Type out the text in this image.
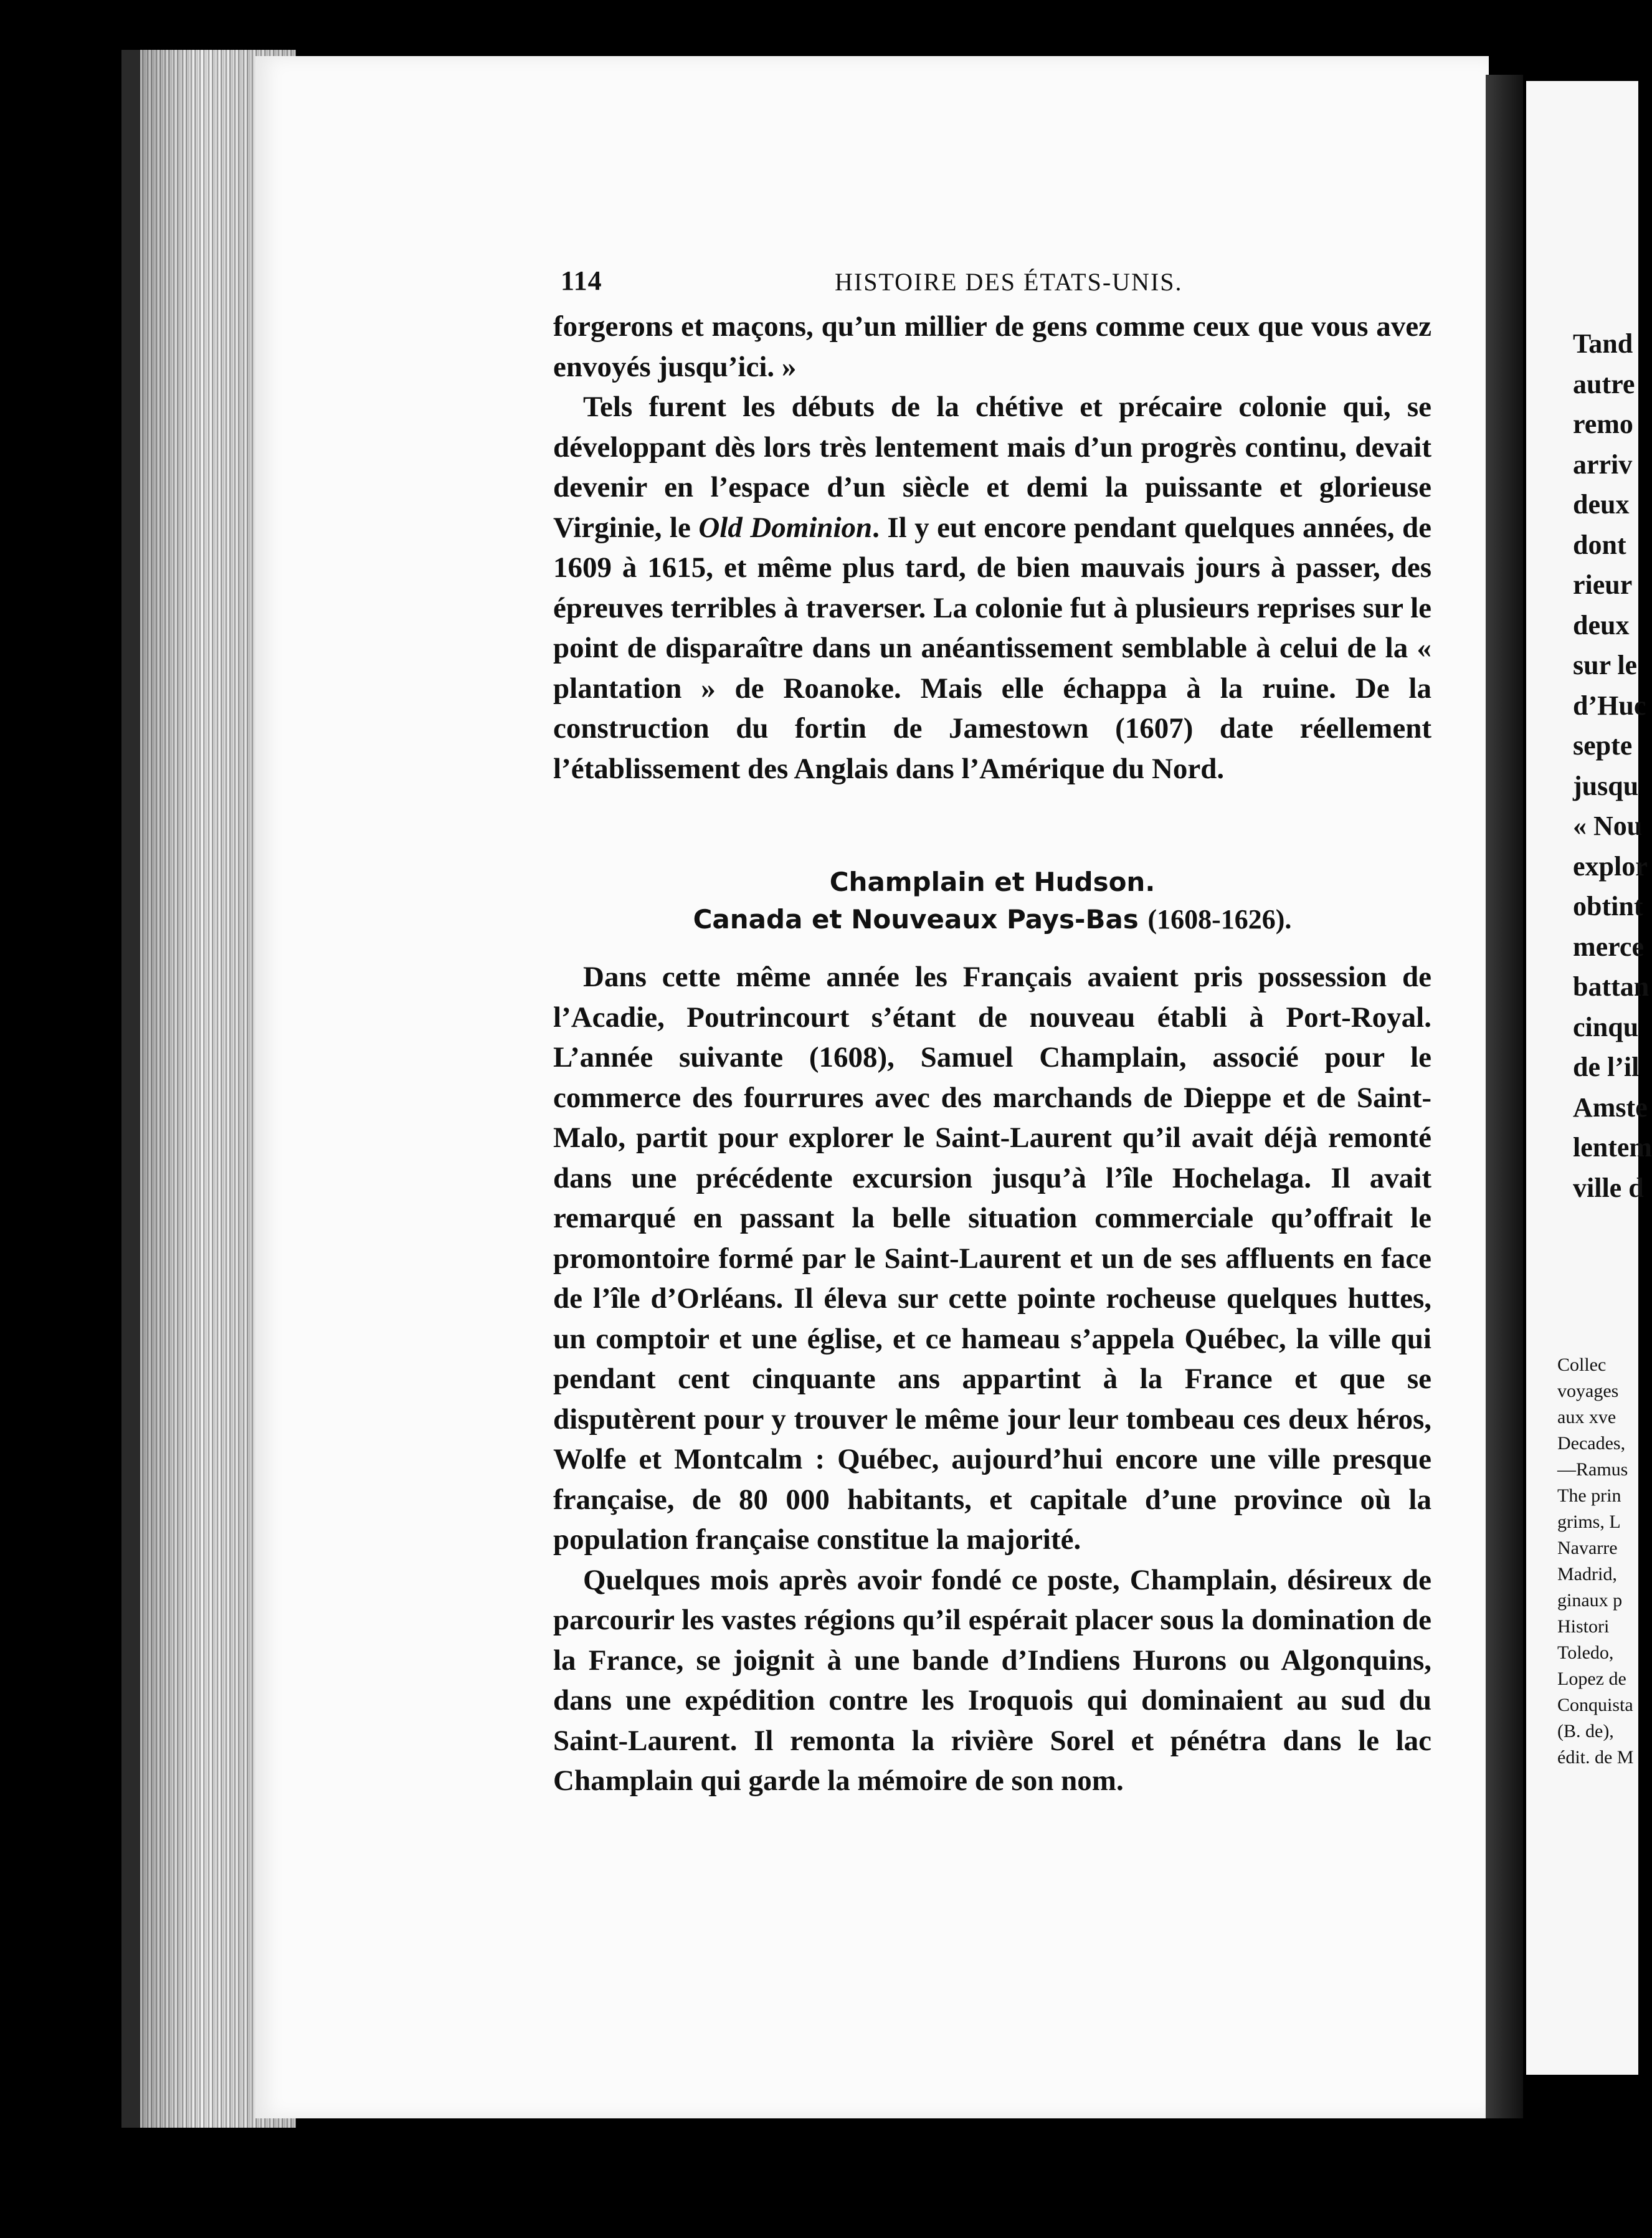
114	HISTOIRE DES ÉTATS-UNIS.

forgerons et maçons, qu’un millier de gens comme ceux que vous avez envoyés jusqu’ici. »

Tels furent les débuts de la chétive et précaire colonie qui, se développant dès lors très lentement mais d’un progrès continu, devait devenir en l’espace d’un siècle et demi la puissante et glorieuse Virginie, le Old Dominion. Il y eut encore pendant quelques années, de 1609 à 1615, et même plus tard, de bien mauvais jours à passer, des épreuves terribles à traverser. La colonie fut à plusieurs reprises sur le point de disparaître dans un anéantissement semblable à celui de la « plantation » de Roanoke. Mais elle échappa à la ruine. De la construction du fortin de Jamestown (1607) date réellement l’établissement des Anglais dans l’Amérique du Nord.

Champlain et Hudson.
Canada et Nouveaux Pays-Bas (1608-1626).

Dans cette même année les Français avaient pris possession de l’Acadie, Poutrincourt s’étant de nouveau établi à Port-Royal. L’année suivante (1608), Samuel Champlain, associé pour le commerce des fourrures avec des marchands de Dieppe et de Saint-Malo, partit pour explorer le Saint-Laurent qu’il avait déjà remonté dans une précédente excursion jusqu’à l’île Hochelaga. Il avait remarqué en passant la belle situation commerciale qu’offrait le promontoire formé par le Saint-Laurent et un de ses affluents en face de l’île d’Orléans. Il éleva sur cette pointe rocheuse quelques huttes, un comptoir et une église, et ce hameau s’appela Québec, la ville qui pendant cent cinquante ans appartint à la France et que se disputèrent pour y trouver le même jour leur tombeau ces deux héros, Wolfe et Montcalm : Québec, aujourd’hui encore une ville presque française, de 80 000 habitants, et capitale d’une province où la population française constitue la majorité.

Quelques mois après avoir fondé ce poste, Champlain, désireux de parcourir les vastes régions qu’il espérait placer sous la domination de la France, se joignit à une bande d’Indiens Hurons ou Algonquins, dans une expédition contre les Iroquois qui dominaient au sud du Saint-Laurent. Il remonta la rivière Sorel et pénétra dans le lac Champlain qui garde la mémoire de son nom.

Tand
autre
remo
arriv
deux
dont
rieur
deux
sur le
d’Huc
septe
jusqu
« Nou
explor
obtint
merce
battan
cinqu
de l’il
Amste
lentem
ville d
Collec
voyages
aux xve
Decades,
—Ramus
The prin
grims, L
Navarre
Madrid,
ginaux p
Histori
Toledo,
Lopez de
Conquista
(B. de),
édit. de M
